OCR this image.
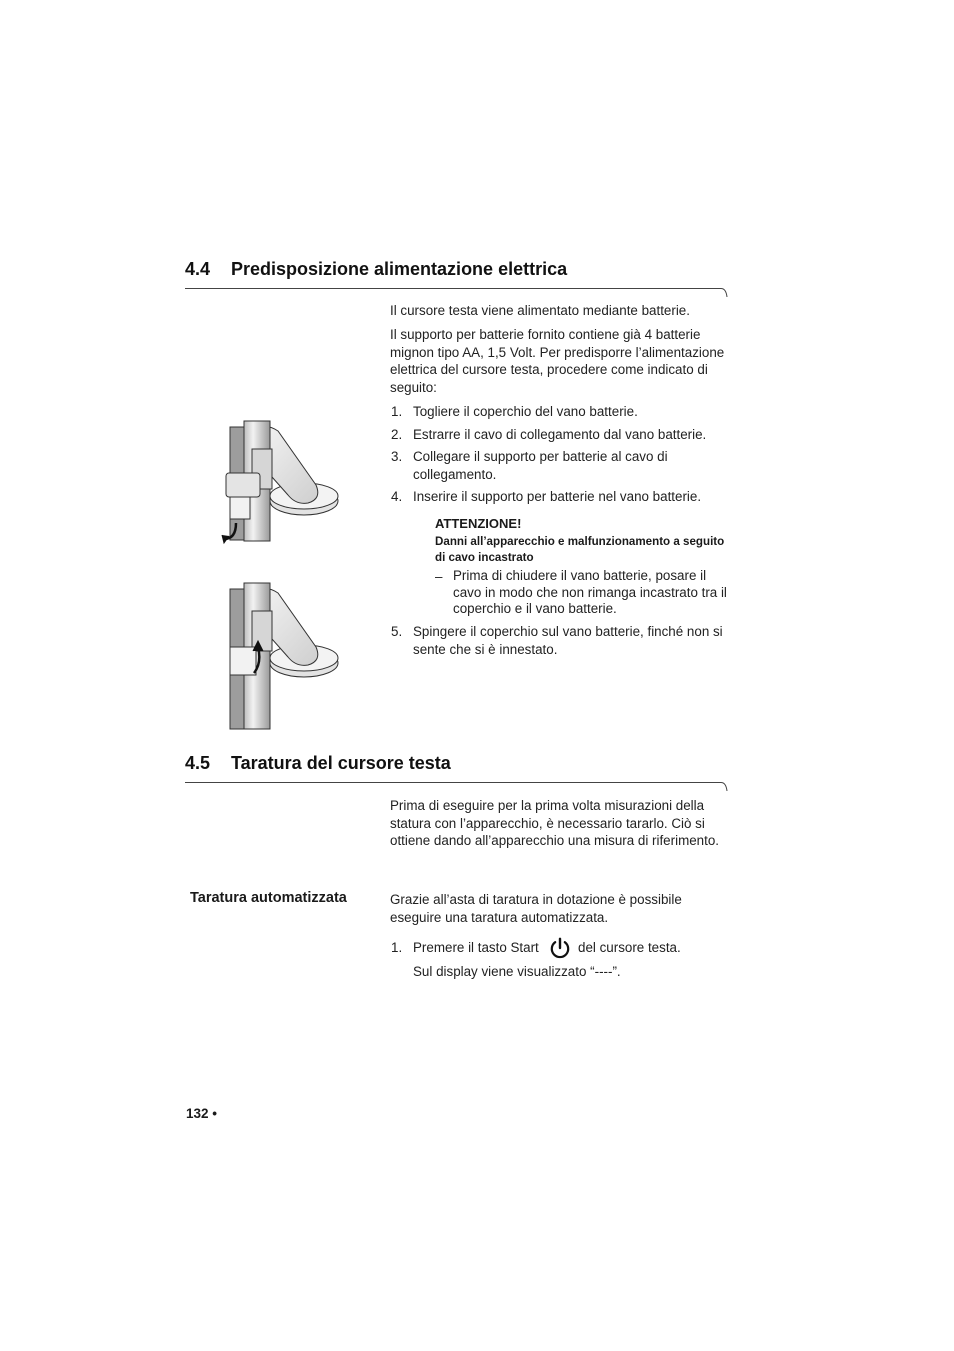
4.4 Predisposizione alimentazione elettrica
Il cursore testa viene alimentato mediante batterie.
Il supporto per batterie fornito contiene già 4 batterie mignon tipo AA, 1,5 Volt. Per predisporre l’alimentazione elettrica del cursore testa, procedere come indicato di seguito:
1. Togliere il coperchio del vano batterie.
2. Estrarre il cavo di collegamento dal vano batterie.
3. Collegare il supporto per batterie al cavo di collegamento.
4. Inserire il supporto per batterie nel vano batterie.
ATTENZIONE!
Danni all’apparecchio e malfunzionamento a seguito di cavo incastrato
– Prima di chiudere il vano batterie, posare il cavo in modo che non rimanga incastrato tra il coperchio e il vano batterie.
5. Spingere il coperchio sul vano batterie, finché non si sente che si è innestato.
4.5 Taratura del cursore testa
Prima di eseguire per la prima volta misurazioni della statura con l’apparecchio, è necessario tararlo. Ciò si ottiene dando all’apparecchio una misura di riferimento.
Taratura automatizzata	Grazie all’asta di taratura in dotazione è possibile eseguire una taratura automatizzata.
1. Premere il tasto Start	del cursore testa.
Sul display viene visualizzato “----”.
132 •
